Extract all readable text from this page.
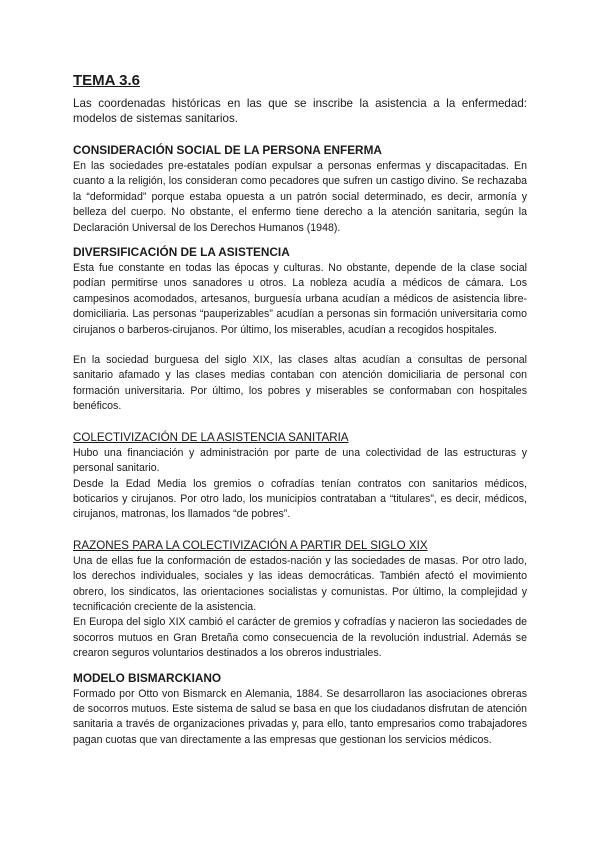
TEMA 3.6
Las coordenadas históricas en las que se inscribe la asistencia a la enfermedad: modelos de sistemas sanitarios.
CONSIDERACIÓN SOCIAL DE LA PERSONA ENFERMA

En las sociedades pre-estatales podían expulsar a personas enfermas y discapacitadas. En cuanto a la religión, los consideran como pecadores que sufren un castigo divino. Se rechazaba la “deformidad” porque estaba opuesta a un patrón social determinado, es decir, armonía y belleza del cuerpo. No obstante, el enfermo tiene derecho a la atención sanitaria, según la Declaración Universal de los Derechos Humanos (1948).

DIVERSIFICACIÓN DE LA ASISTENCIA

Esta fue constante en todas las épocas y culturas. No obstante, depende de la clase social podían permitirse unos sanadores u otros. La nobleza acudía a médicos de cámara. Los campesinos acomodados, artesanos, burguesía urbana acudían a médicos de asistencia libre-domiciliaria. Las personas “pauperizables” acudían a personas sin formación universitaria como cirujanos o barberos-cirujanos. Por último, los miserables, acudían a recogidos hospitales.

En la sociedad burguesa del siglo XIX, las clases altas acudían a consultas de personal sanitario afamado y las clases medias contaban con atención domiciliaria de personal con formación universitaria. Por último, los pobres y miserables se conformaban con hospitales benéficos.

COLECTIVIZACIÓN DE LA ASISTENCIA SANITARIA

Hubo una financiación y administración por parte de una colectividad de las estructuras y personal sanitario.

Desde la Edad Media los gremios o cofradías tenían contratos con sanitarios médicos, boticarios y cirujanos. Por otro lado, los municipios contrataban a “titulares”, es decir, médicos, cirujanos, matronas, los llamados “de pobres”.

RAZONES PARA LA COLECTIVIZACIÓN A PARTIR DEL SIGLO XIX

Una de ellas fue la conformación de estados-nación y las sociedades de masas. Por otro lado, los derechos individuales, sociales y las ideas democráticas. También afectó el movimiento obrero, los sindicatos, las orientaciones socialistas y comunistas. Por último, la complejidad y tecnificación creciente de la asistencia.

En Europa del siglo XIX cambió el carácter de gremios y cofradías y nacieron las sociedades de socorros mutuos en Gran Bretaña como consecuencia de la revolución industrial. Además se crearon seguros voluntarios destinados a los obreros industriales.

MODELO BISMARCKIANO

Formado por Otto von Bismarck en Alemania, 1884. Se desarrollaron las asociaciones obreras de socorros mutuos. Este sistema de salud se basa en que los ciudadanos disfrutan de atención sanitaria a través de organizaciones privadas y, para ello, tanto empresarios como trabajadores pagan cuotas que van directamente a las empresas que gestionan los servicios médicos.
